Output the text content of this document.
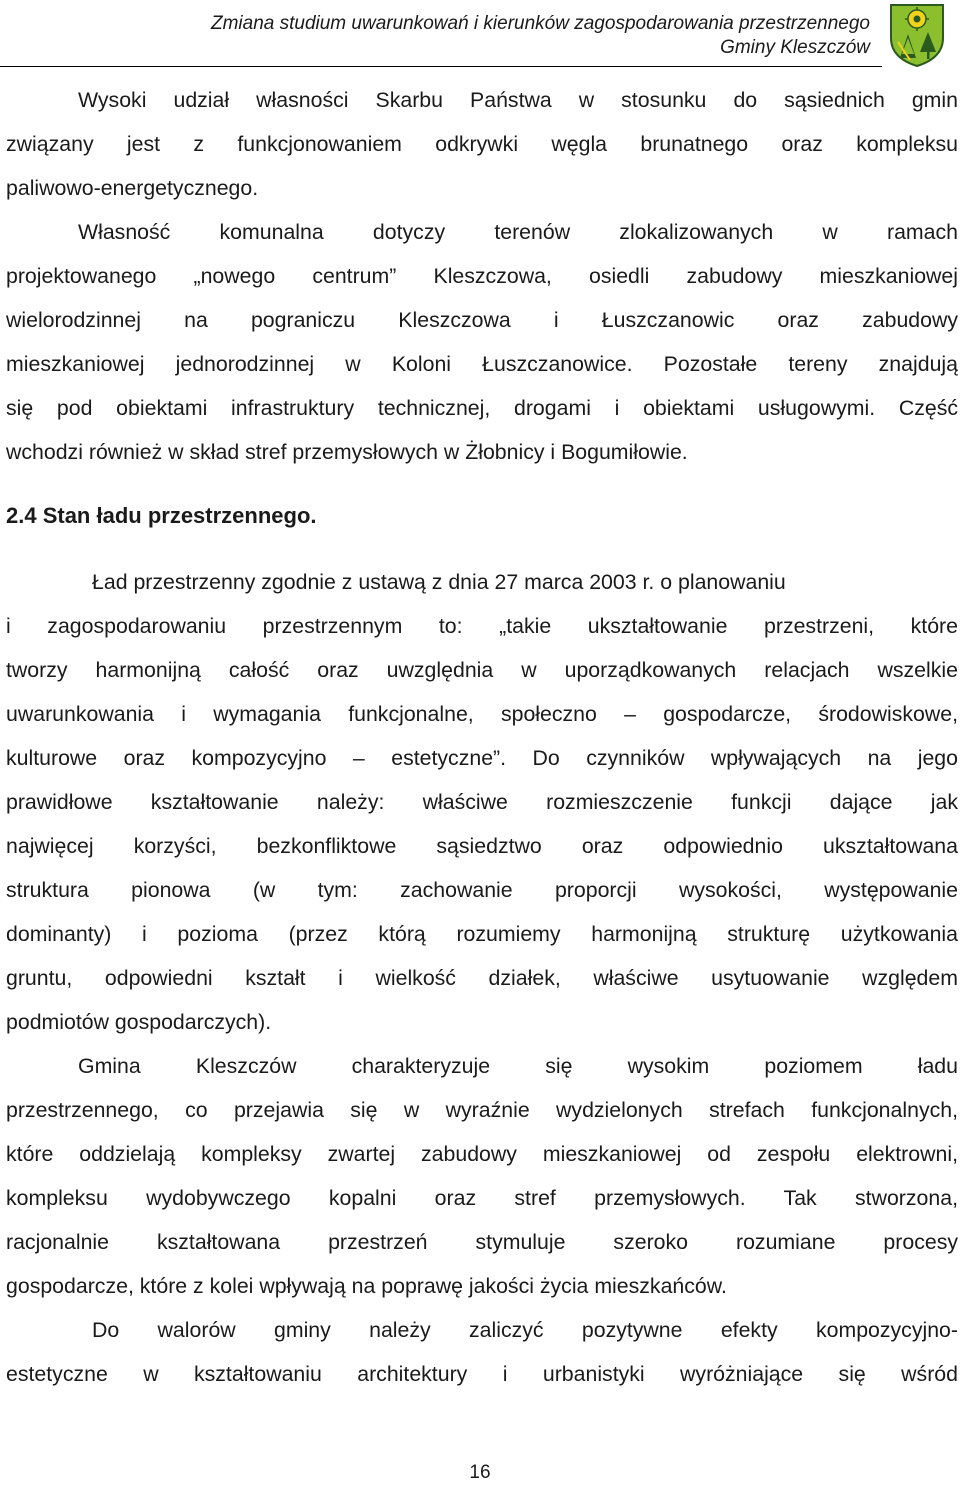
Zmiana studium uwarunkowań i kierunków zagospodarowania przestrzennego
Gminy Kleszczów
Wysoki udział własności Skarbu Państwa w stosunku do sąsiednich gmin
związany jest z funkcjonowaniem odkrywki węgla brunatnego oraz kompleksu
paliwowo-energetycznego.
Własność komunalna dotyczy terenów zlokalizowanych w ramach
projektowanego „nowego centrum” Kleszczowa, osiedli zabudowy mieszkaniowej
wielorodzinnej na pograniczu Kleszczowa i Łuszczanowic oraz zabudowy
mieszkaniowej jednorodzinnej w Koloni Łuszczanowice. Pozostałe tereny znajdują
się pod obiektami infrastruktury technicznej, drogami i obiektami usługowymi. Część
wchodzi również w skład stref przemysłowych w Żłobnicy i Bogumiłowie.
2.4 Stan ładu przestrzennego.
Ład przestrzenny zgodnie z ustawą z dnia 27 marca 2003 r. o planowaniu
i zagospodarowaniu przestrzennym to: „takie ukształtowanie przestrzeni, które
tworzy harmonijną całość oraz uwzględnia w uporządkowanych relacjach wszelkie
uwarunkowania i wymagania funkcjonalne, społeczno – gospodarcze, środowiskowe,
kulturowe oraz kompozycyjno – estetyczne”. Do czynników wpływających na jego
prawidłowe kształtowanie należy: właściwe rozmieszczenie funkcji dające jak
najwięcej korzyści, bezkonfliktowe sąsiedztwo oraz odpowiednio ukształtowana
struktura pionowa (w tym: zachowanie proporcji wysokości, występowanie
dominanty) i pozioma (przez którą rozumiemy harmonijną strukturę użytkowania
gruntu, odpowiedni kształt i wielkość działek, właściwe usytuowanie względem
podmiotów gospodarczych).
Gmina Kleszczów charakteryzuje się wysokim poziomem ładu
przestrzennego, co przejawia się w wyraźnie wydzielonych strefach funkcjonalnych,
które oddzielają kompleksy zwartej zabudowy mieszkaniowej od zespołu elektrowni,
kompleksu wydobywczego kopalni oraz stref przemysłowych. Tak stworzona,
racjonalnie kształtowana przestrzeń stymuluje szeroko rozumiane procesy
gospodarcze, które z kolei wpływają na poprawę jakości życia mieszkańców.
Do walorów gminy należy zaliczyć pozytywne efekty kompozycyjno-
estetyczne w kształtowaniu architektury i urbanistyki wyróżniające się wśród
16
